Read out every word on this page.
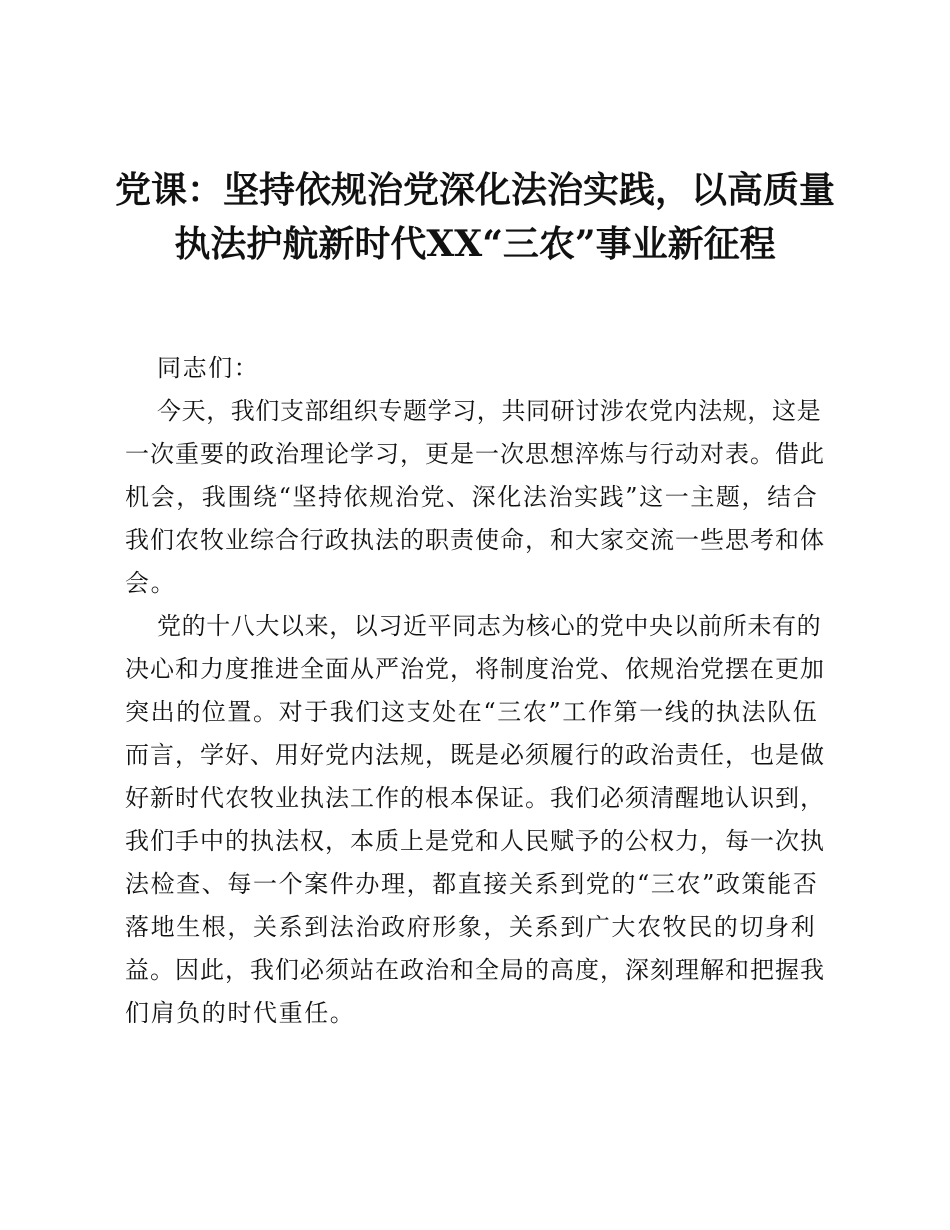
党课：坚持依规治党深化法治实践，以高质量
执法护航新时代XX“三农”事业新征程
同志们：
今天，我们支部组织专题学习，共同研讨涉农党内法规，这是
一次重要的政治理论学习，更是一次思想淬炼与行动对表。借此
机会，我围绕“坚持依规治党、深化法治实践”这一主题，结合
我们农牧业综合行政执法的职责使命，和大家交流一些思考和体
会。
党的十八大以来，以习近平同志为核心的党中央以前所未有的
决心和力度推进全面从严治党，将制度治党、依规治党摆在更加
突出的位置。对于我们这支处在“三农”工作第一线的执法队伍
而言，学好、用好党内法规，既是必须履行的政治责任，也是做
好新时代农牧业执法工作的根本保证。我们必须清醒地认识到，
我们手中的执法权，本质上是党和人民赋予的公权力，每一次执
法检查、每一个案件办理，都直接关系到党的“三农”政策能否
落地生根，关系到法治政府形象，关系到广大农牧民的切身利
益。因此，我们必须站在政治和全局的高度，深刻理解和把握我
们肩负的时代重任。
